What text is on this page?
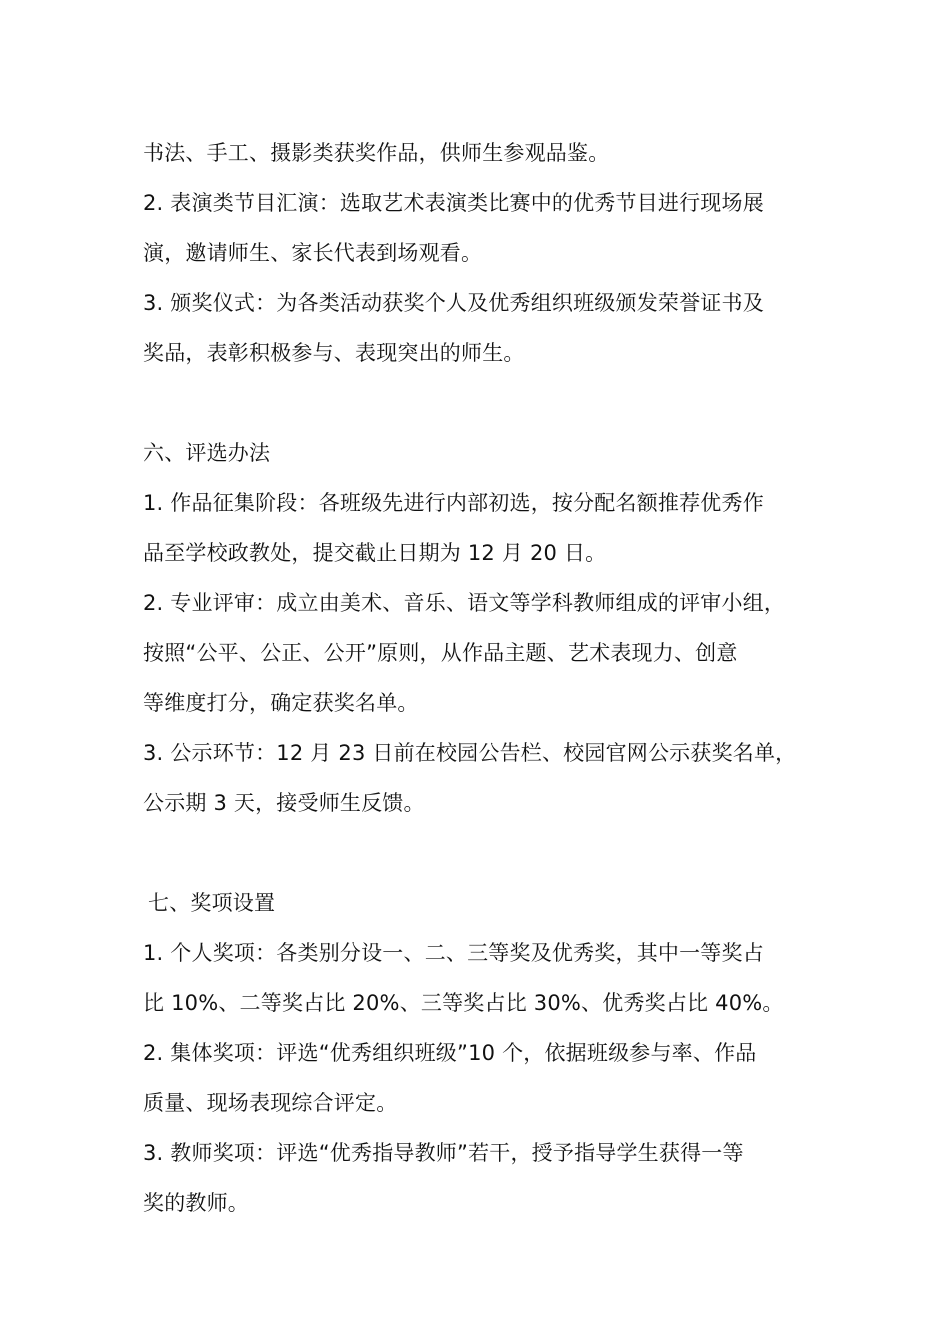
书法、手工、摄影类获奖作品，供师生参观品鉴。
2. 表演类节目汇演：选取艺术表演类比赛中的优秀节目进行现场展
演，邀请师生、家长代表到场观看。
3. 颁奖仪式：为各类活动获奖个人及优秀组织班级颁发荣誉证书及
奖品，表彰积极参与、表现突出的师生。
六、评选办法
1. 作品征集阶段：各班级先进行内部初选，按分配名额推荐优秀作
品至学校政教处，提交截止日期为 12 月 20 日。
2. 专业评审：成立由美术、音乐、语文等学科教师组成的评审小组，
按照“公平、公正、公开”原则，从作品主题、艺术表现力、创意
等维度打分，确定获奖名单。
3. 公示环节：12 月 23 日前在校园公告栏、校园官网公示获奖名单，
公示期 3 天，接受师生反馈。
七、奖项设置
1. 个人奖项：各类别分设一、二、三等奖及优秀奖，其中一等奖占
比 10%、二等奖占比 20%、三等奖占比 30%、优秀奖占比 40%。
2. 集体奖项：评选“优秀组织班级”10 个，依据班级参与率、作品
质量、现场表现综合评定。
3. 教师奖项：评选“优秀指导教师”若干，授予指导学生获得一等
奖的教师。
